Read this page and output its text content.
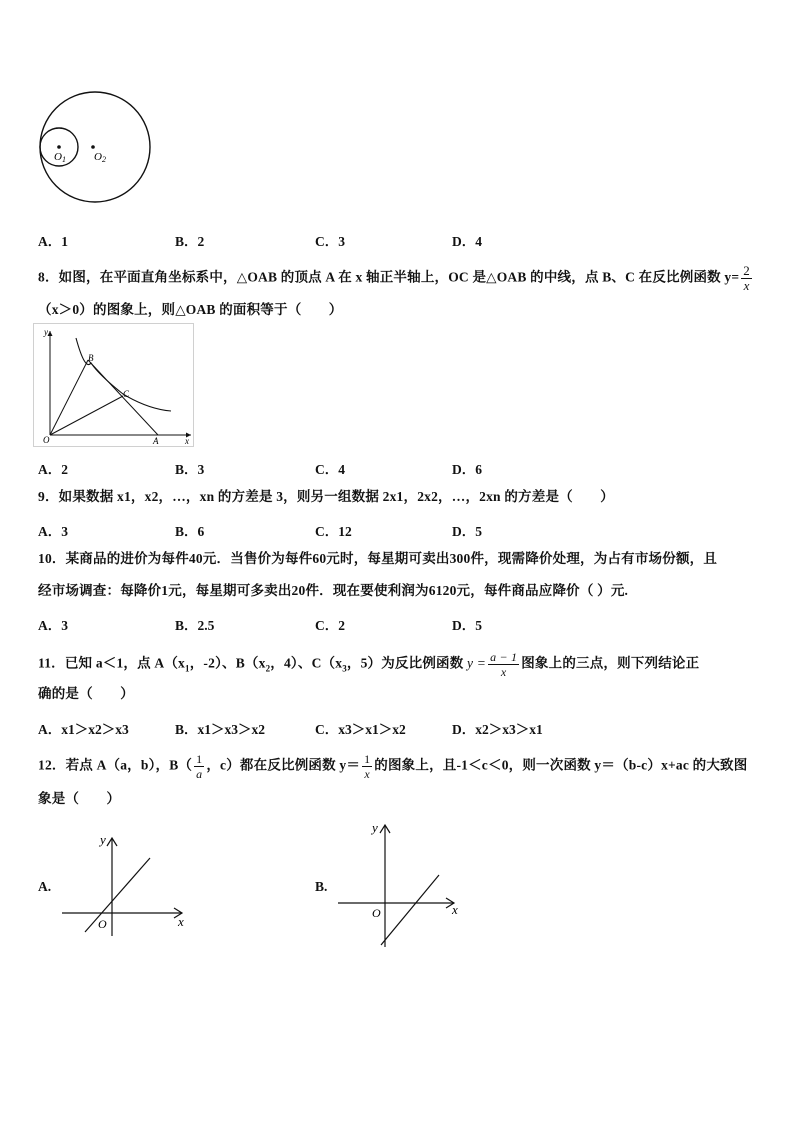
O1	O2
A．1	B．2	C．3	D．4
8．如图，在平面直角坐标系中，△OAB 的顶点 A 在 x 轴正半轴上，OC 是△OAB 的中线，点 B、C 在反比例函数 $y= \frac{2}{x}$
（x＞0）的图象上，则△OAB 的面积等于（　　）
y
x
O	A
B
C
A．2	B．3	C．4	D．6
9．如果数据 x1，x2，…，xn 的方差是 3，则另一组数据 2x1，2x2，…，2xn 的方差是（　　）
A．3	B．6	C．12	D．5
10．某商品的进价为每件40元．当售价为每件60元时，每星期可卖出300件，现需降价处理，为占有市场份额，且
经市场调查：每降价1元，每星期可多卖出20件．现在要使利润为6120元，每件商品应降价（ ）元.
A．3	B．2.5	C．2	D．5
11．已知 a＜1，点 $A(x_1$，-2）、$B(x_2$，4）、$C(x_3$，5）为反比例函数 $y = \frac{a - 1}{x}$ 图象上的三点，则下列结论正
确的是（　　）
A．x1＞x2＞x3	B．x1＞x3＞x2	C．x3＞x1＞x2	D．x2＞x3＞x1
12．若点 A（a，b），$B( \frac{1}{a}$ ，c）都在反比例函数 $y= \frac{1}{x}$ 的图象上，且-1＜c＜0，则一次函数 y＝（b-c）x+ac 的大致图
象是（　　）
A.
y
x
O
B.
y
x
O
